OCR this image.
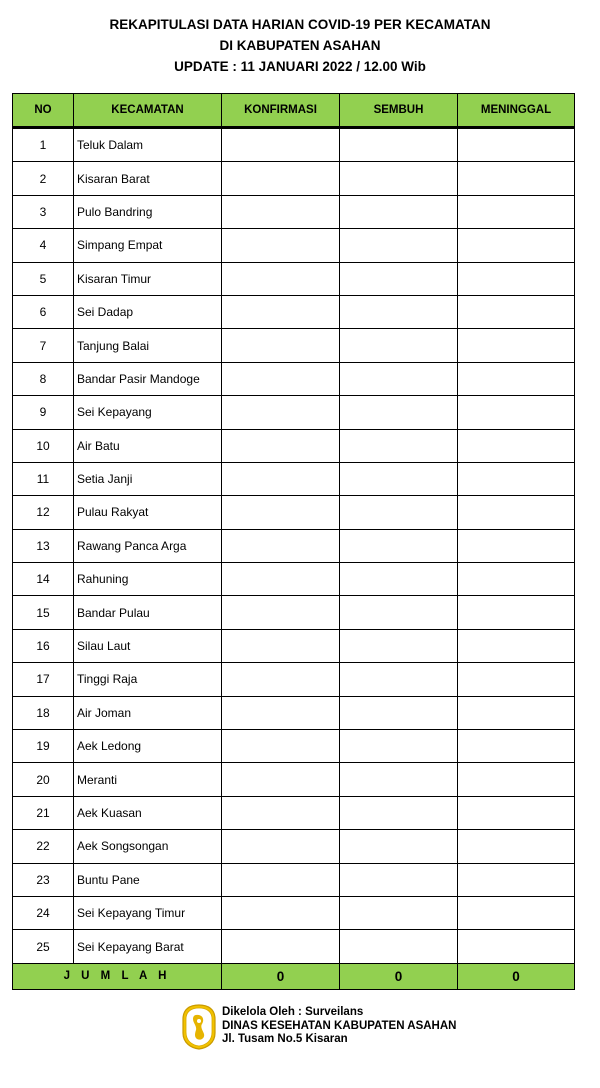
REKAPITULASI DATA HARIAN COVID-19 PER KECAMATAN
DI KABUPATEN ASAHAN
UPDATE : 11 JANUARI 2022 / 12.00 Wib
NO	KECAMATAN	KONFIRMASI	SEMBUH	MENINGGAL
1	Teluk Dalam			
2	Kisaran Barat			
3	Pulo Bandring			
4	Simpang Empat			
5	Kisaran Timur			
6	Sei Dadap			
7	Tanjung Balai			
8	Bandar Pasir Mandoge			
9	Sei Kepayang			
10	Air Batu			
11	Setia Janji			
12	Pulau Rakyat			
13	Rawang Panca Arga			
14	Rahuning			
15	Bandar Pulau			
16	Silau Laut			
17	Tinggi Raja			
18	Air Joman			
19	Aek Ledong			
20	Meranti			
21	Aek Kuasan			
22	Aek Songsongan			
23	Buntu Pane			
24	Sei Kepayang Timur			
25	Sei Kepayang Barat			
J U M L A H		0	0	0
Dikelola Oleh : Surveilans
DINAS KESEHATAN KABUPATEN ASAHAN
Jl. Tusam No.5 Kisaran
